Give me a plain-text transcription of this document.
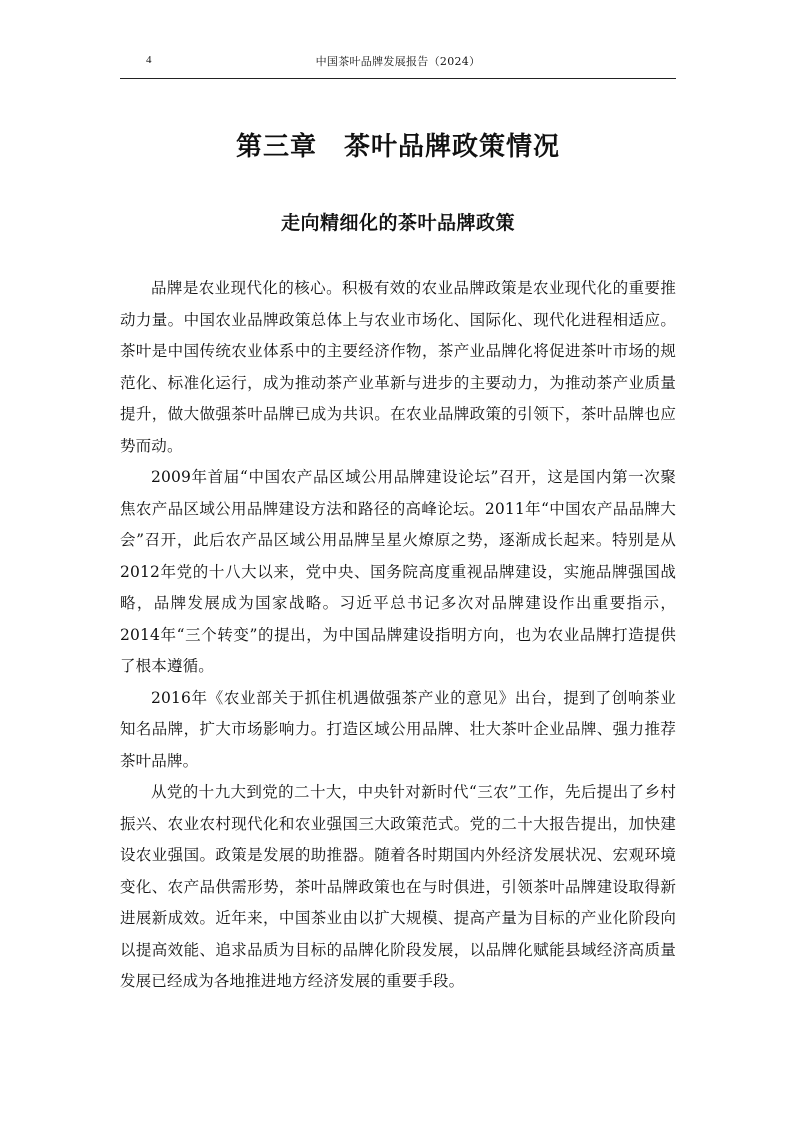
4	中国茶叶品牌发展报告（2024）
第三章　茶叶品牌政策情况
走向精细化的茶叶品牌政策

品牌是农业现代化的核心。积极有效的农业品牌政策是农业现代化的重要推动力量。中国农业品牌政策总体上与农业市场化、国际化、现代化进程相适应。茶叶是中国传统农业体系中的主要经济作物，茶产业品牌化将促进茶叶市场的规范化、标准化运行，成为推动茶产业革新与进步的主要动力，为推动茶产业质量提升，做大做强茶叶品牌已成为共识。在农业品牌政策的引领下，茶叶品牌也应势而动。

2009年首届“中国农产品区域公用品牌建设论坛”召开，这是国内第一次聚焦农产品区域公用品牌建设方法和路径的高峰论坛。2011年“中国农产品品牌大会”召开，此后农产品区域公用品牌呈星火燎原之势，逐渐成长起来。特别是从2012年党的十八大以来，党中央、国务院高度重视品牌建设，实施品牌强国战略，品牌发展成为国家战略。习近平总书记多次对品牌建设作出重要指示，2014年“三个转变”的提出，为中国品牌建设指明方向，也为农业品牌打造提供了根本遵循。

2016年《农业部关于抓住机遇做强茶产业的意见》出台，提到了创响茶业知名品牌，扩大市场影响力。打造区域公用品牌、壮大茶叶企业品牌、强力推荐茶叶品牌。

从党的十九大到党的二十大，中央针对新时代“三农”工作，先后提出了乡村振兴、农业农村现代化和农业强国三大政策范式。党的二十大报告提出，加快建设农业强国。政策是发展的助推器。随着各时期国内外经济发展状况、宏观环境变化、农产品供需形势，茶叶品牌政策也在与时俱进，引领茶叶品牌建设取得新进展新成效。近年来，中国茶业由以扩大规模、提高产量为目标的产业化阶段向以提高效能、追求品质为目标的品牌化阶段发展，以品牌化赋能县域经济高质量发展已经成为各地推进地方经济发展的重要手段。
